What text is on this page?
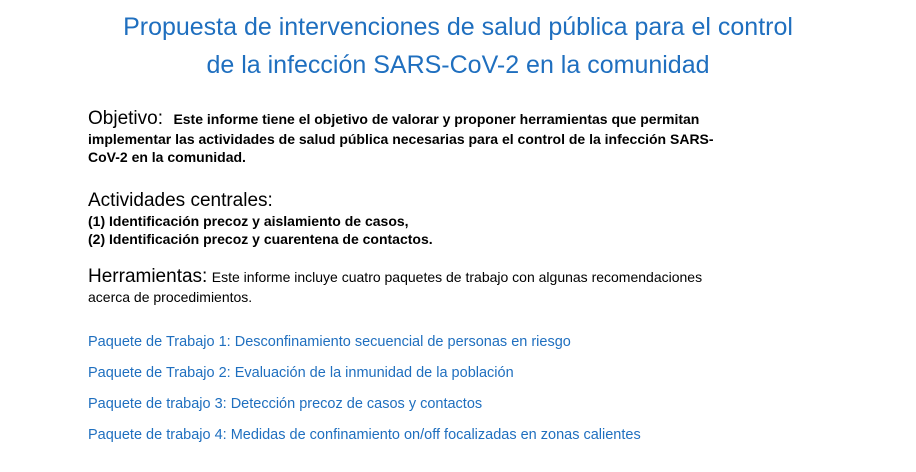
Propuesta de intervenciones de salud pública para el control
de la infección SARS-CoV-2 en la comunidad
Objetivo: Este informe tiene el objetivo de valorar y proponer herramientas que permitan
implementar las actividades de salud pública necesarias para el control de la infección SARS-
CoV-2 en la comunidad.
Actividades centrales:
(1) Identificación precoz y aislamiento de casos,
(2) Identificación precoz y cuarentena de contactos.
Herramientas: Este informe incluye cuatro paquetes de trabajo con algunas recomendaciones
acerca de procedimientos.
Paquete de Trabajo 1: Desconfinamiento secuencial de personas en riesgo
Paquete de Trabajo 2: Evaluación de la inmunidad de la población
Paquete de trabajo 3: Detección precoz de casos y contactos
Paquete de trabajo 4: Medidas de confinamiento on/off focalizadas en zonas calientes
